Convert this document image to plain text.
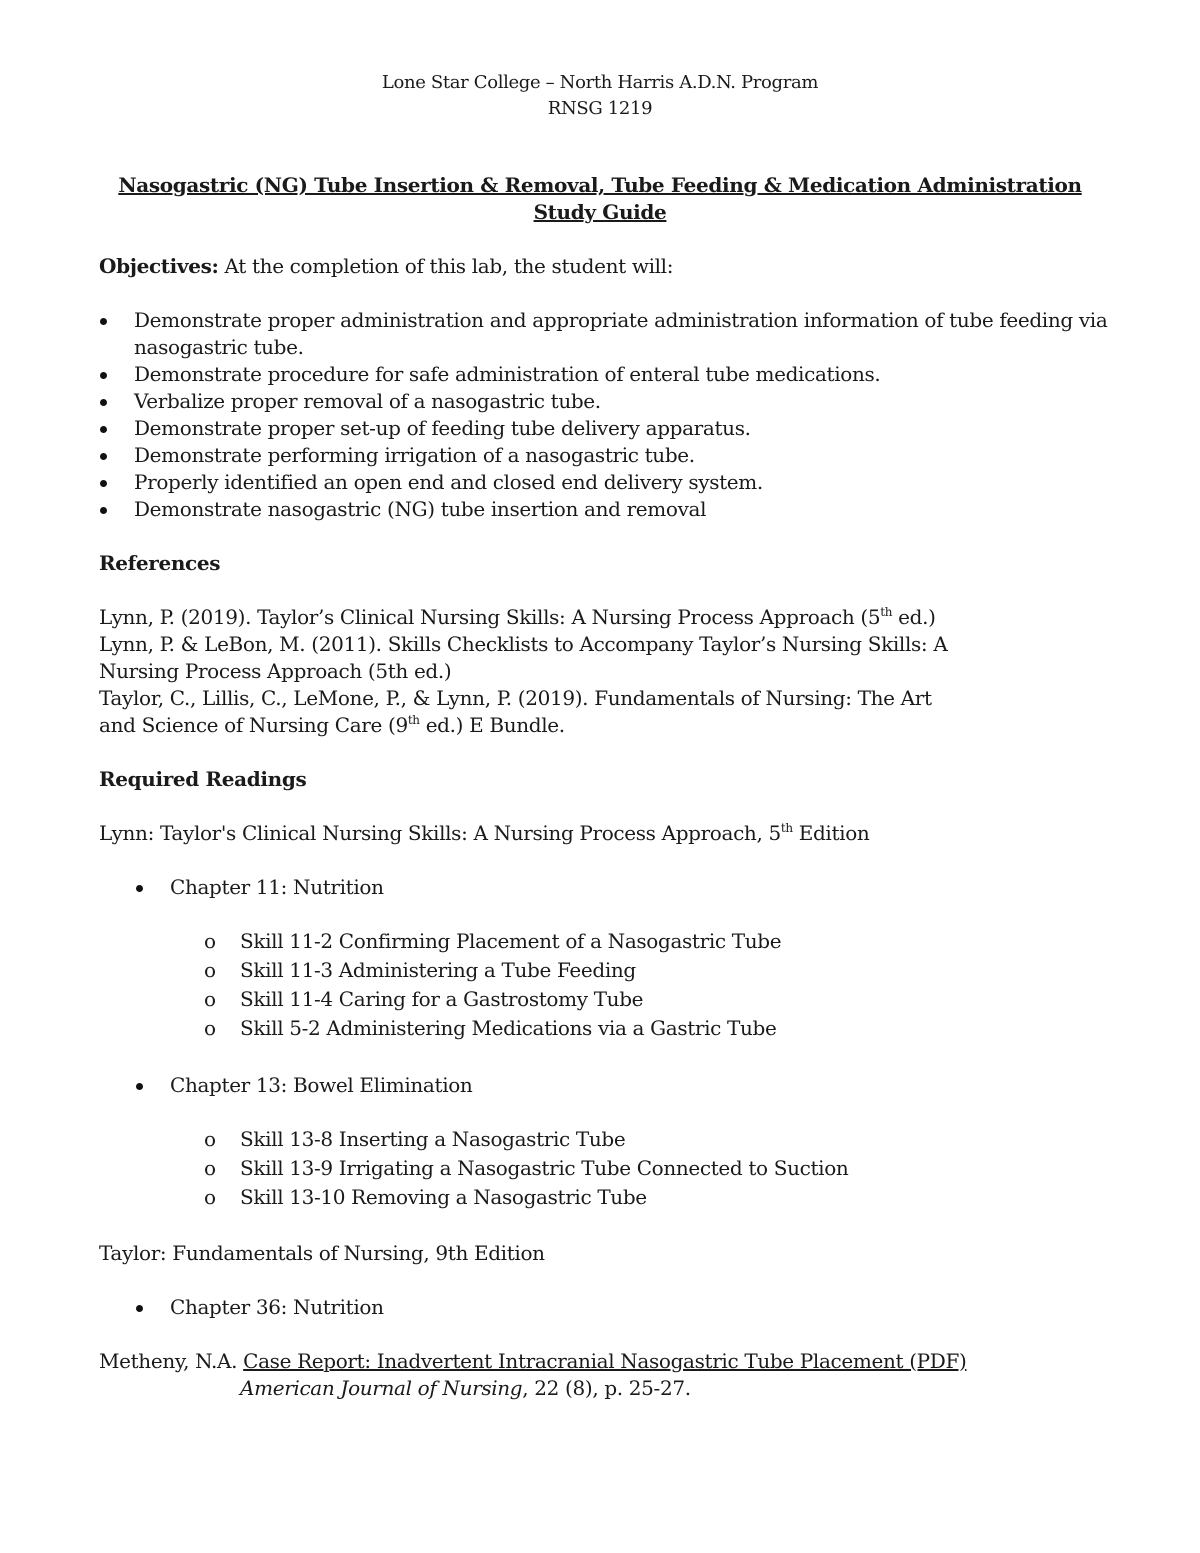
Lone Star College – North Harris A.D.N. Program
RNSG 1219
Nasogastric (NG) Tube Insertion & Removal, Tube Feeding & Medication Administration
Study Guide
Objectives: At the completion of this lab, the student will:
Demonstrate proper administration and appropriate administration information of tube feeding via
nasogastric tube.
Demonstrate procedure for safe administration of enteral tube medications.
Verbalize proper removal of a nasogastric tube.
Demonstrate proper set-up of feeding tube delivery apparatus.
Demonstrate performing irrigation of a nasogastric tube.
Properly identified an open end and closed end delivery system.
Demonstrate nasogastric (NG) tube insertion and removal
References
Lynn, P. (2019). Taylor’s Clinical Nursing Skills: A Nursing Process Approach (5th ed.)
Lynn, P. & LeBon, M. (2011). Skills Checklists to Accompany Taylor’s Nursing Skills: A
Nursing Process Approach (5th ed.)
Taylor, C., Lillis, C., LeMone, P., & Lynn, P. (2019). Fundamentals of Nursing: The Art
and Science of Nursing Care (9th ed.) E Bundle.
Required Readings
Lynn: Taylor's Clinical Nursing Skills: A Nursing Process Approach, 5th Edition
Chapter 11: Nutrition
o Skill 11-2 Confirming Placement of a Nasogastric Tube
o Skill 11-3 Administering a Tube Feeding
o Skill 11-4 Caring for a Gastrostomy Tube
o Skill 5-2 Administering Medications via a Gastric Tube
Chapter 13: Bowel Elimination
o Skill 13-8 Inserting a Nasogastric Tube
o Skill 13-9 Irrigating a Nasogastric Tube Connected to Suction
o Skill 13-10 Removing a Nasogastric Tube
Taylor: Fundamentals of Nursing, 9th Edition
Chapter 36: Nutrition
Metheny, N.A. Case Report: Inadvertent Intracranial Nasogastric Tube Placement (PDF)
American Journal of Nursing, 22 (8), p. 25-27.
